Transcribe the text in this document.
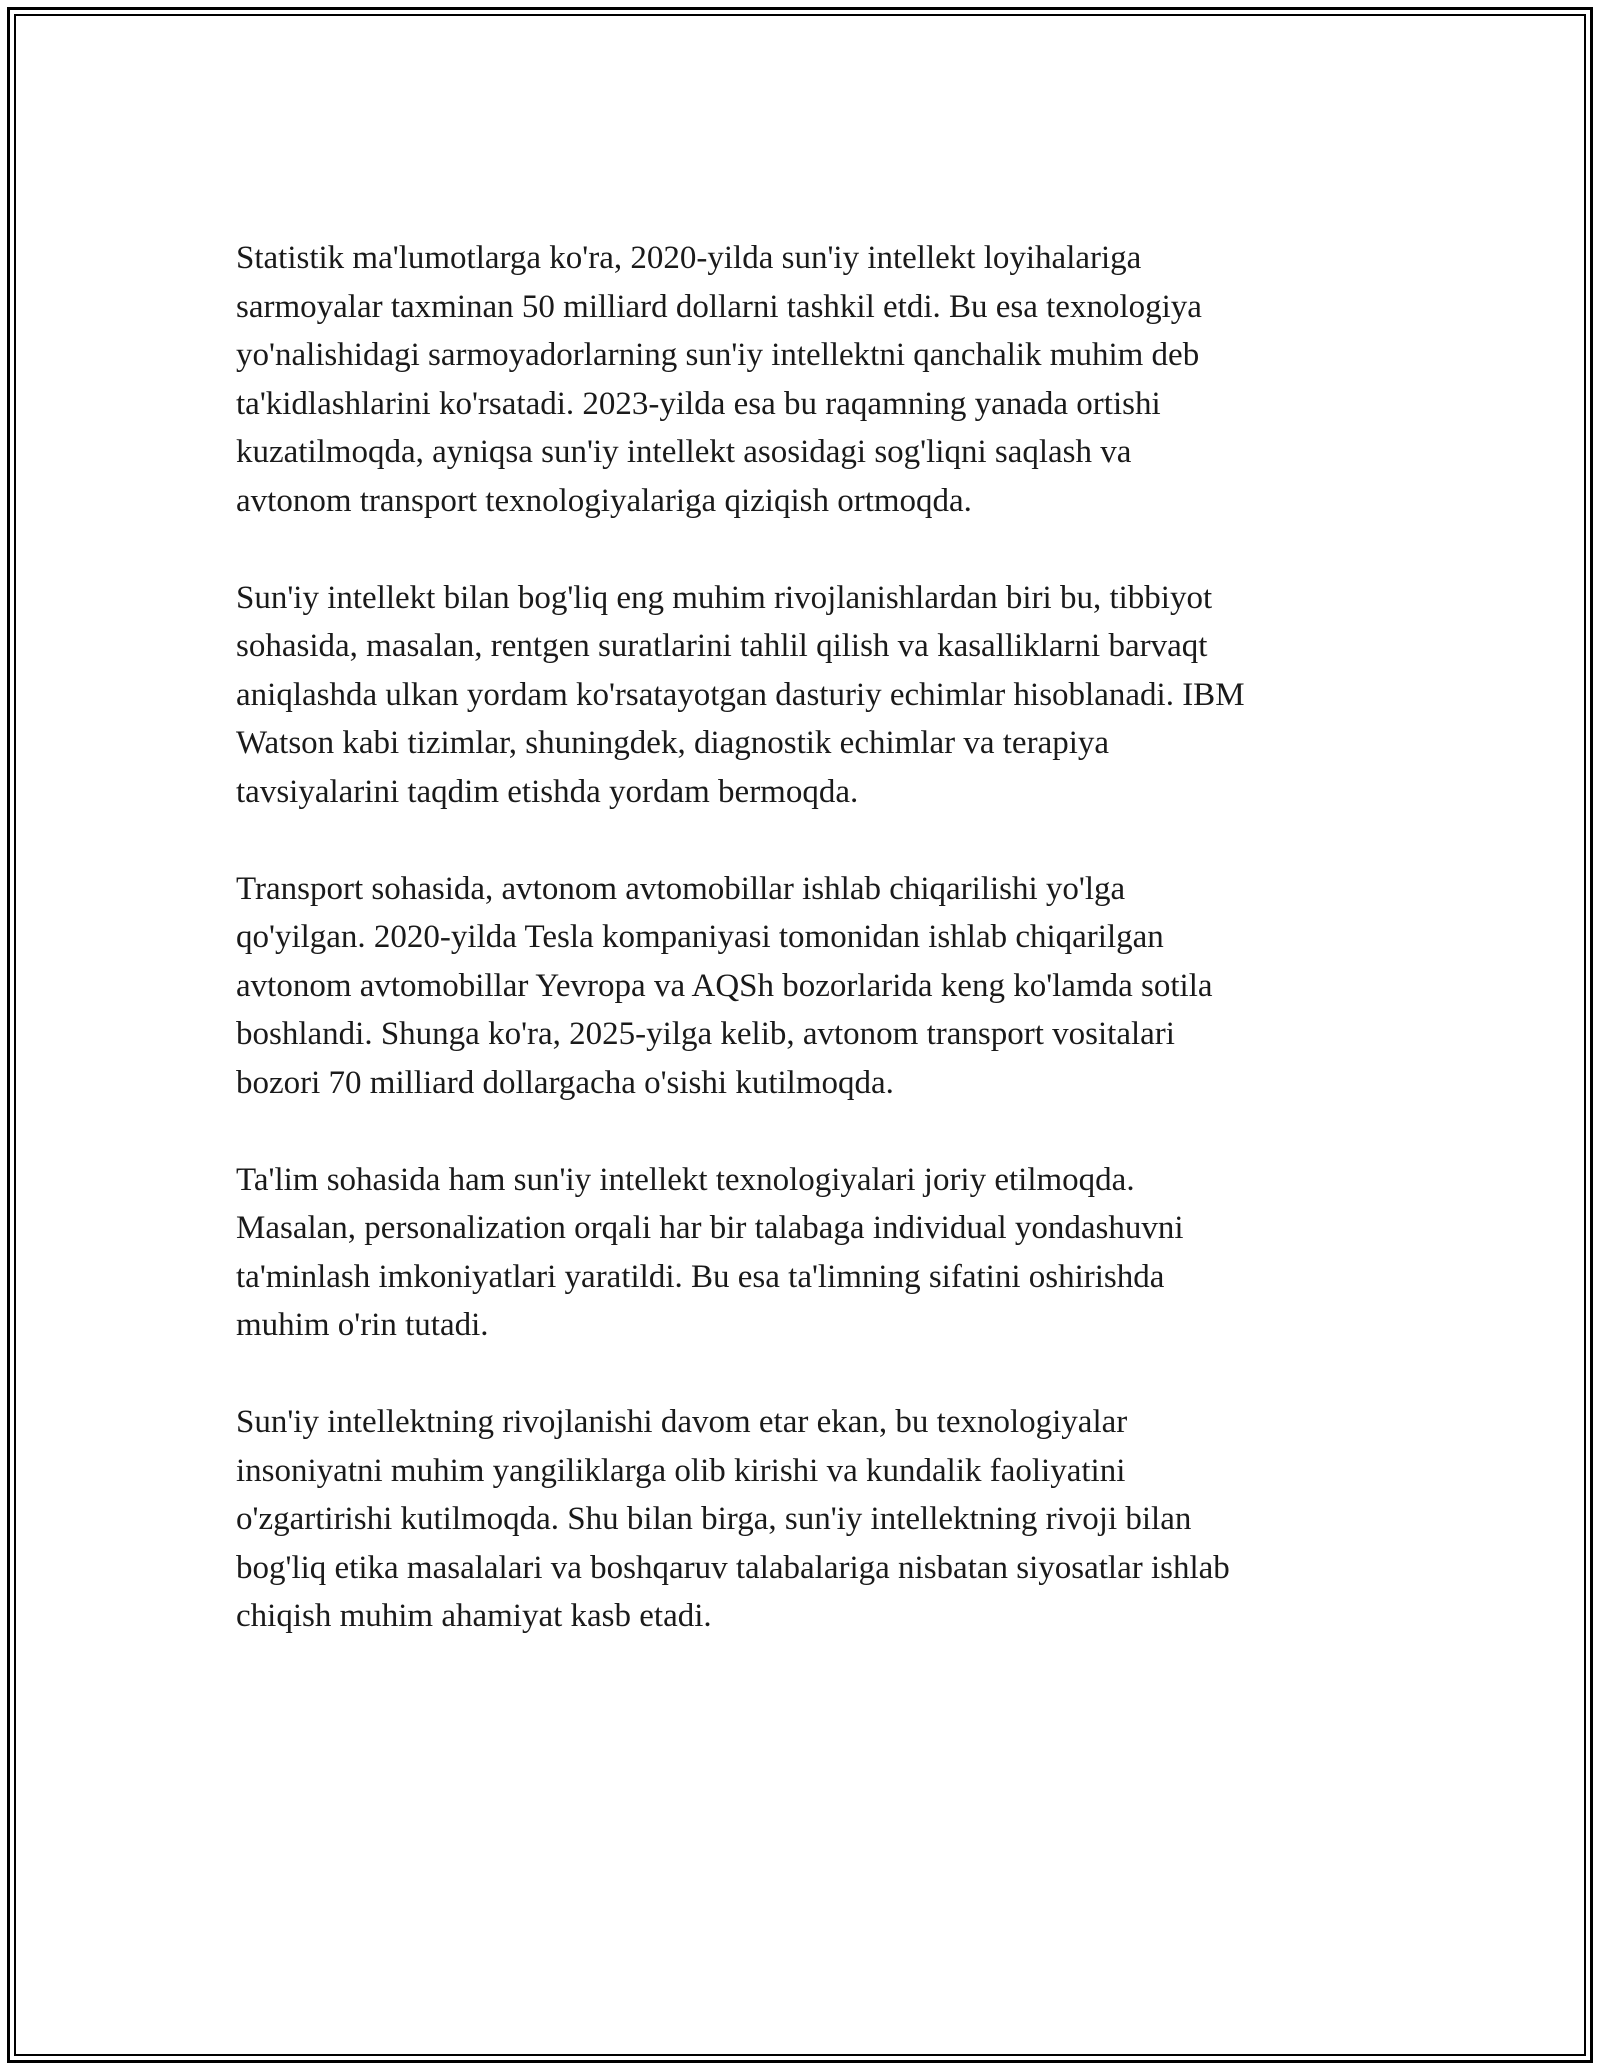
Statistik ma'lumotlarga ko'ra, 2020-yilda sun'iy intellekt loyihalariga
sarmoyalar taxminan 50 milliard dollarni tashkil etdi. Bu esa texnologiya
yo'nalishidagi sarmoyadorlarning sun'iy intellektni qanchalik muhim deb
ta'kidlashlarini ko'rsatadi. 2023-yilda esa bu raqamning yanada ortishi
kuzatilmoqda, ayniqsa sun'iy intellekt asosidagi sog'liqni saqlash va
avtonom transport texnologiyalariga qiziqish ortmoqda.

Sun'iy intellekt bilan bog'liq eng muhim rivojlanishlardan biri bu, tibbiyot
sohasida, masalan, rentgen suratlarini tahlil qilish va kasalliklarni barvaqt
aniqlashda ulkan yordam ko'rsatayotgan dasturiy echimlar hisoblanadi. IBM
Watson kabi tizimlar, shuningdek, diagnostik echimlar va terapiya
tavsiyalarini taqdim etishda yordam bermoqda.

Transport sohasida, avtonom avtomobillar ishlab chiqarilishi yo'lga
qo'yilgan. 2020-yilda Tesla kompaniyasi tomonidan ishlab chiqarilgan
avtonom avtomobillar Yevropa va AQSh bozorlarida keng ko'lamda sotila
boshlandi. Shunga ko'ra, 2025-yilga kelib, avtonom transport vositalari
bozori 70 milliard dollargacha o'sishi kutilmoqda.

Ta'lim sohasida ham sun'iy intellekt texnologiyalari joriy etilmoqda.
Masalan, personalization orqali har bir talabaga individual yondashuvni
ta'minlash imkoniyatlari yaratildi. Bu esa ta'limning sifatini oshirishda
muhim o'rin tutadi.

Sun'iy intellektning rivojlanishi davom etar ekan, bu texnologiyalar
insoniyatni muhim yangiliklarga olib kirishi va kundalik faoliyatini
o'zgartirishi kutilmoqda. Shu bilan birga, sun'iy intellektning rivoji bilan
bog'liq etika masalalari va boshqaruv talabalariga nisbatan siyosatlar ishlab
chiqish muhim ahamiyat kasb etadi.
